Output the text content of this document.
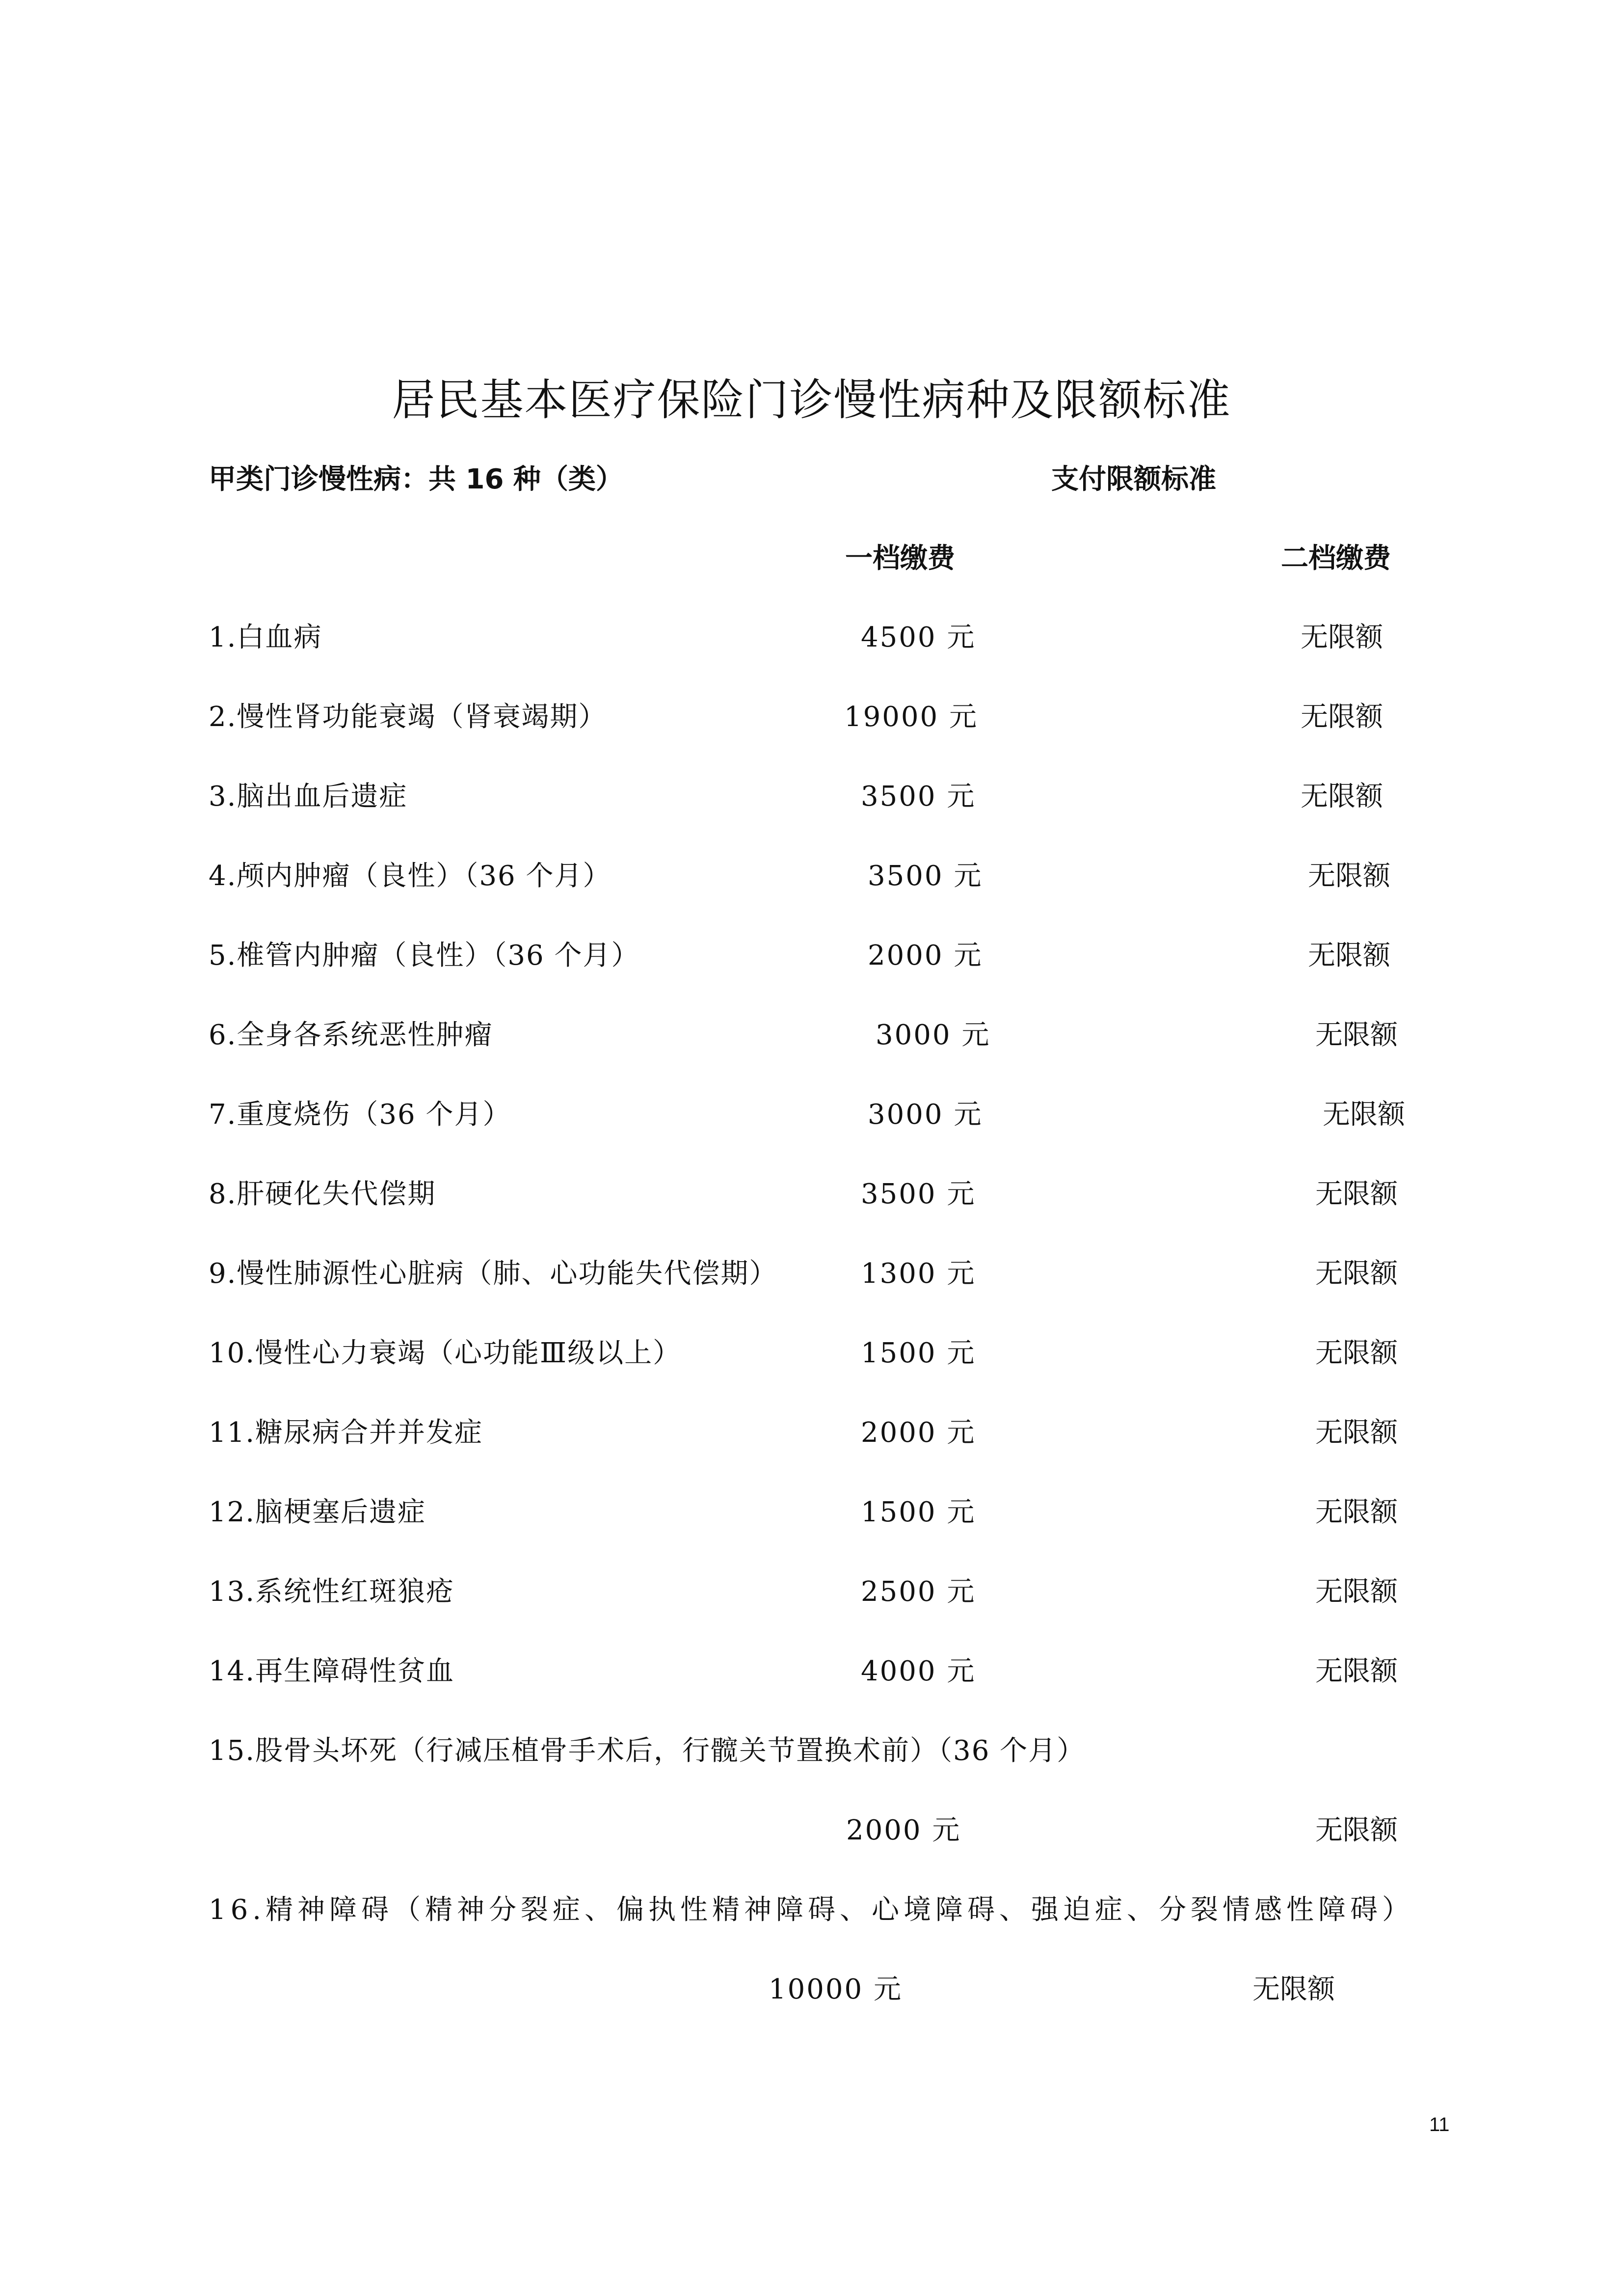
居民基本医疗保险门诊慢性病种及限额标准
甲类门诊慢性病：共 16 种（类）	支付限额标准
一档缴费	二档缴费
1.白血病	4500 元	无限额
2.慢性肾功能衰竭（肾衰竭期）	19000 元	无限额
3.脑出血后遗症	3500 元	无限额
4.颅内肿瘤（良性）（36 个月）	3500 元	无限额
5.椎管内肿瘤（良性）（36 个月）	2000 元	无限额
6.全身各系统恶性肿瘤	3000 元	无限额
7.重度烧伤（36 个月）	3000 元	无限额
8.肝硬化失代偿期	3500 元	无限额
9.慢性肺源性心脏病（肺、心功能失代偿期）	1300 元	无限额
10.慢性心力衰竭（心功能Ⅲ级以上）	1500 元	无限额
11.糖尿病合并并发症	2000 元	无限额
12.脑梗塞后遗症	1500 元	无限额
13.系统性红斑狼疮	2500 元	无限额
14.再生障碍性贫血	4000 元	无限额
15.股骨头坏死（行减压植骨手术后，行髋关节置换术前）（36 个月）
2000 元	无限额
16.精神障碍（精神分裂症、偏执性精神障碍、心境障碍、强迫症、分裂情感性障碍）
10000 元	无限额
11
